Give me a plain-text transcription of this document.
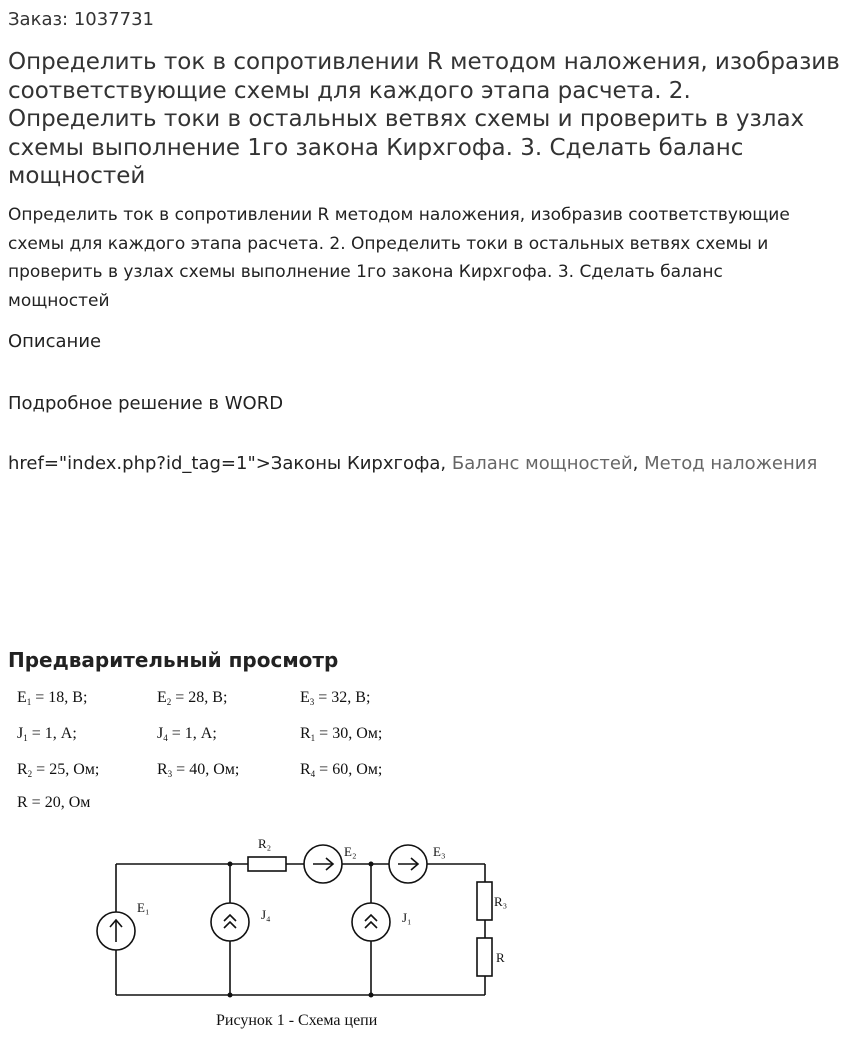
Заказ: 1037731
Определить ток в сопротивлении R методом наложения, изобразив соответствующие схемы для каждого этапа расчета. 2. Определить токи в остальных ветвях схемы и проверить в узлах схемы выполнение 1го закона Кирхгофа. 3. Сделать баланс мощностей
Определить ток в сопротивлении R методом наложения, изобразив соответствующие схемы для каждого этапа расчета. 2. Определить токи в остальных ветвях схемы и проверить в узлах схемы выполнение 1го закона Кирхгофа. 3. Сделать баланс мощностей
Описание
Подробное решение в WORD
href="index.php?id_tag=1">Законы Кирхгофа, Баланс мощностей, Метод наложения
Предварительный просмотр
$E_1 = 18$, В;	$E_2 = 28$, В;	$E_3 = 32$, В;
$J_1 = 1$, А;	$J_4 = 1$, А;	$R_1 = 30$, Ом;
$R_2 = 25$, Ом;	$R_3 = 40$, Ом;	$R_4 = 60$, Ом;
R = 20, Ом
R₂
E₂	E₃
E₁	J₄	J₁
R₃
R
Рисунок 1 - Схема цепи
